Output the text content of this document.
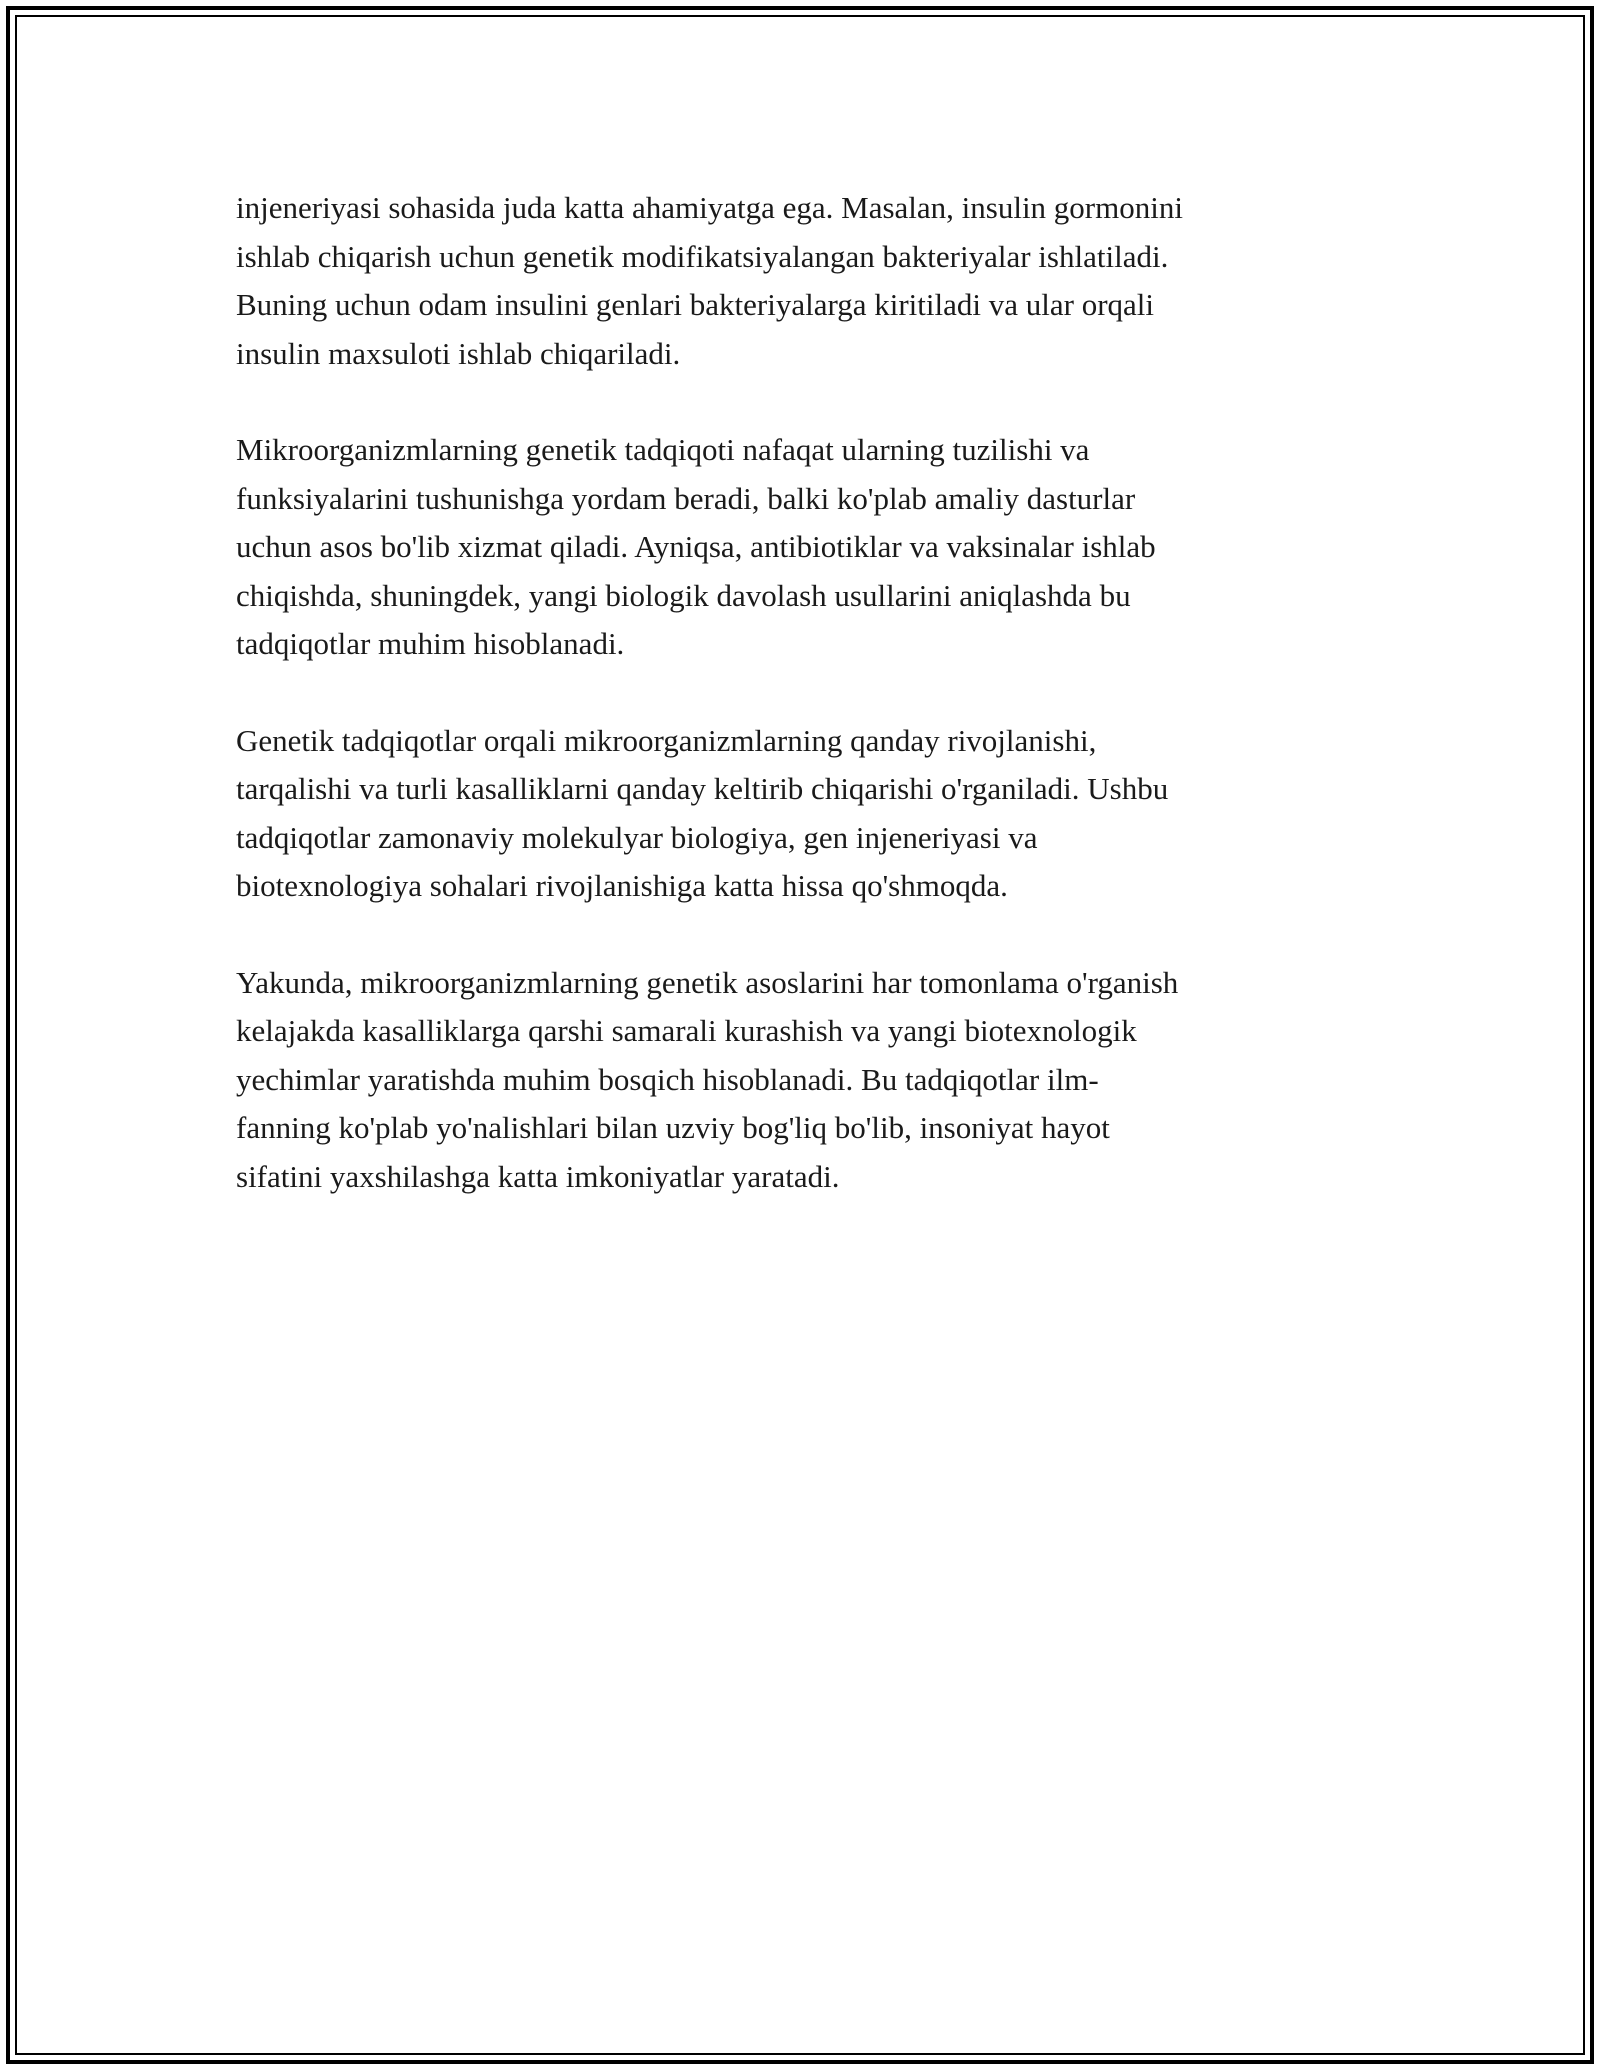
injeneriyasi sohasida juda katta ahamiyatga ega. Masalan, insulin gormonini
ishlab chiqarish uchun genetik modifikatsiyalangan bakteriyalar ishlatiladi.
Buning uchun odam insulini genlari bakteriyalarga kiritiladi va ular orqali
insulin maxsuloti ishlab chiqariladi.

Mikroorganizmlarning genetik tadqiqoti nafaqat ularning tuzilishi va
funksiyalarini tushunishga yordam beradi, balki ko'plab amaliy dasturlar
uchun asos bo'lib xizmat qiladi. Ayniqsa, antibiotiklar va vaksinalar ishlab
chiqishda, shuningdek, yangi biologik davolash usullarini aniqlashda bu
tadqiqotlar muhim hisoblanadi.

Genetik tadqiqotlar orqali mikroorganizmlarning qanday rivojlanishi,
tarqalishi va turli kasalliklarni qanday keltirib chiqarishi o'rganiladi. Ushbu
tadqiqotlar zamonaviy molekulyar biologiya, gen injeneriyasi va
biotexnologiya sohalari rivojlanishiga katta hissa qo'shmoqda.

Yakunda, mikroorganizmlarning genetik asoslarini har tomonlama o'rganish
kelajakda kasalliklarga qarshi samarali kurashish va yangi biotexnologik
yechimlar yaratishda muhim bosqich hisoblanadi. Bu tadqiqotlar ilm-
fanning ko'plab yo'nalishlari bilan uzviy bog'liq bo'lib, insoniyat hayot
sifatini yaxshilashga katta imkoniyatlar yaratadi.
